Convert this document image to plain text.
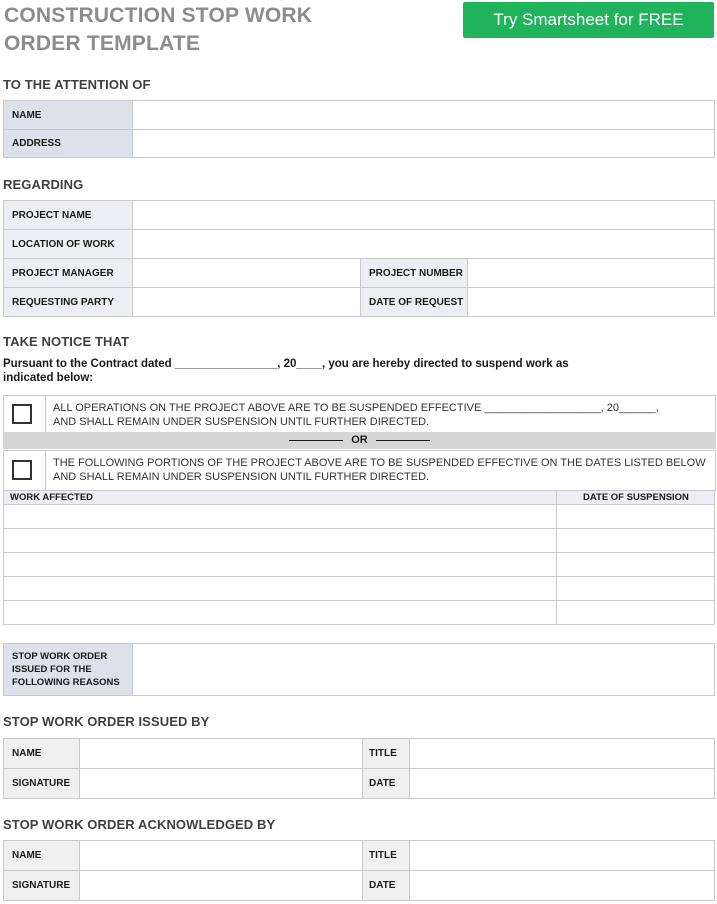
CONSTRUCTION STOP WORK
ORDER TEMPLATE
Try Smartsheet for FREE
TO THE ATTENTION OF
NAME	
ADDRESS	
REGARDING
PROJECT NAME			
LOCATION OF WORK			
PROJECT MANAGER		PROJECT NUMBER	
REQUESTING PARTY		DATE OF REQUEST	
TAKE NOTICE THAT
Pursuant to the Contract dated ________________, 20____, you are hereby directed to suspend work as
indicated below:
ALL OPERATIONS ON THE PROJECT ABOVE ARE TO BE SUSPENDED EFFECTIVE ___________________, 20______,
AND SHALL REMAIN UNDER SUSPENSION UNTIL FURTHER DIRECTED.
OR
THE FOLLOWING PORTIONS OF THE PROJECT ABOVE ARE TO BE SUSPENDED EFFECTIVE ON THE DATES LISTED BELOW
AND SHALL REMAIN UNDER SUSPENSION UNTIL FURTHER DIRECTED.
WORK AFFECTED	DATE OF SUSPENSION

STOP WORK ORDER
ISSUED FOR THE
FOLLOWING REASONS

STOP WORK ORDER ISSUED BY
NAME		TITLE	
SIGNATURE		DATE	
STOP WORK ORDER ACKNOWLEDGED BY
NAME		TITLE	
SIGNATURE		DATE	
